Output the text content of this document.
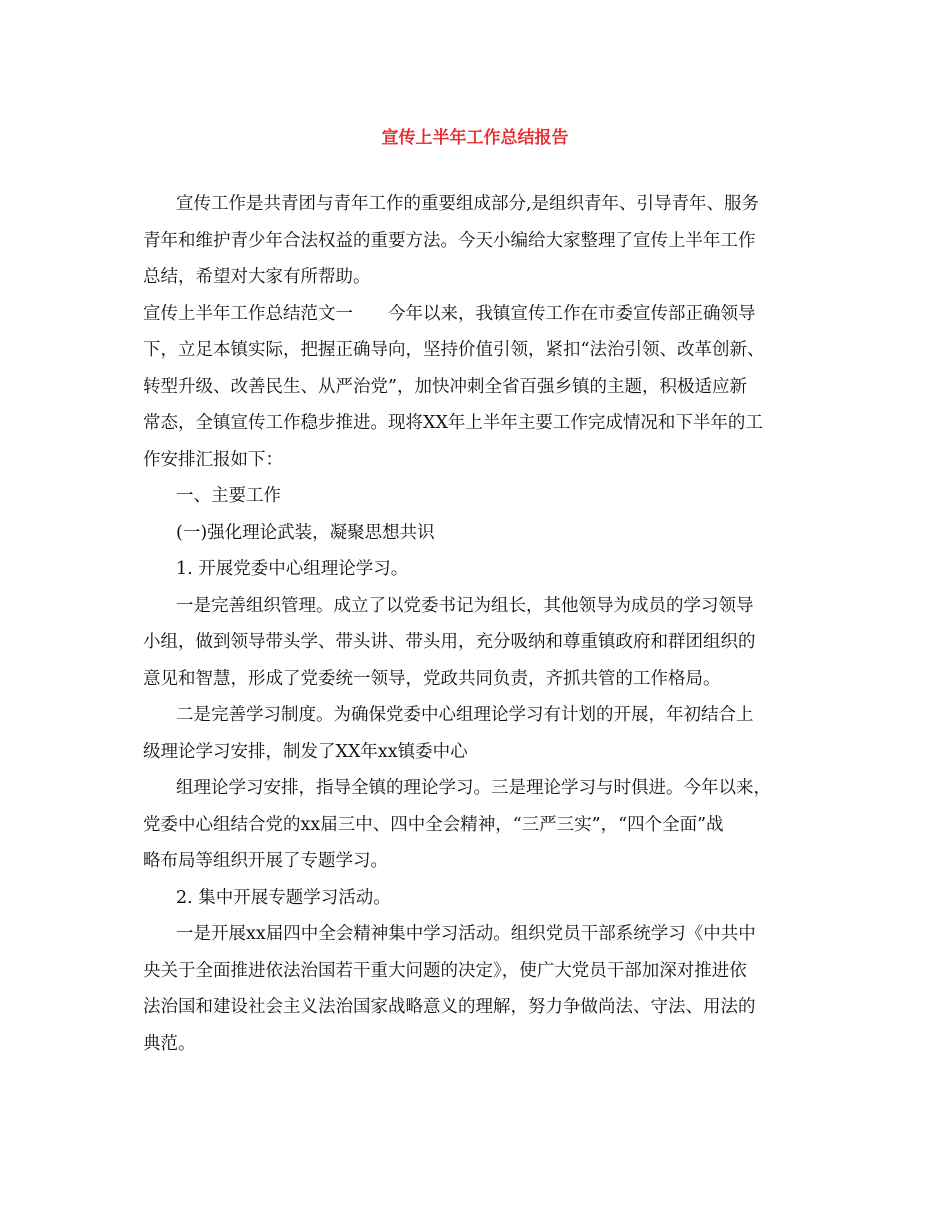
宣传上半年工作总结报告
宣传工作是共青团与青年工作的重要组成部分,是组织青年、引导青年、服务
青年和维护青少年合法权益的重要方法。今天小编给大家整理了宣传上半年工作
总结，希望对大家有所帮助。
宣传上半年工作总结范文一　　今年以来，我镇宣传工作在市委宣传部正确领导
下，立足本镇实际，把握正确导向，坚持价值引领，紧扣“法治引领、改革创新、
转型升级、改善民生、从严治党”，加快冲刺全省百强乡镇的主题，积极适应新
常态，全镇宣传工作稳步推进。现将XX年上半年主要工作完成情况和下半年的工
作安排汇报如下：
一、主要工作
(一)强化理论武装，凝聚思想共识
1. 开展党委中心组理论学习。
一是完善组织管理。成立了以党委书记为组长，其他领导为成员的学习领导
小组，做到领导带头学、带头讲、带头用，充分吸纳和尊重镇政府和群团组织的
意见和智慧，形成了党委统一领导，党政共同负责，齐抓共管的工作格局。
二是完善学习制度。为确保党委中心组理论学习有计划的开展，年初结合上
级理论学习安排，制发了XX年xx镇委中心
组理论学习安排，指导全镇的理论学习。三是理论学习与时俱进。今年以来，
党委中心组结合党的xx届三中、四中全会精神，“三严三实”，“四个全面”战
略布局等组织开展了专题学习。
2. 集中开展专题学习活动。
一是开展xx届四中全会精神集中学习活动。组织党员干部系统学习《中共中
央关于全面推进依法治国若干重大问题的决定》，使广大党员干部加深对推进依
法治国和建设社会主义法治国家战略意义的理解，努力争做尚法、守法、用法的
典范。
